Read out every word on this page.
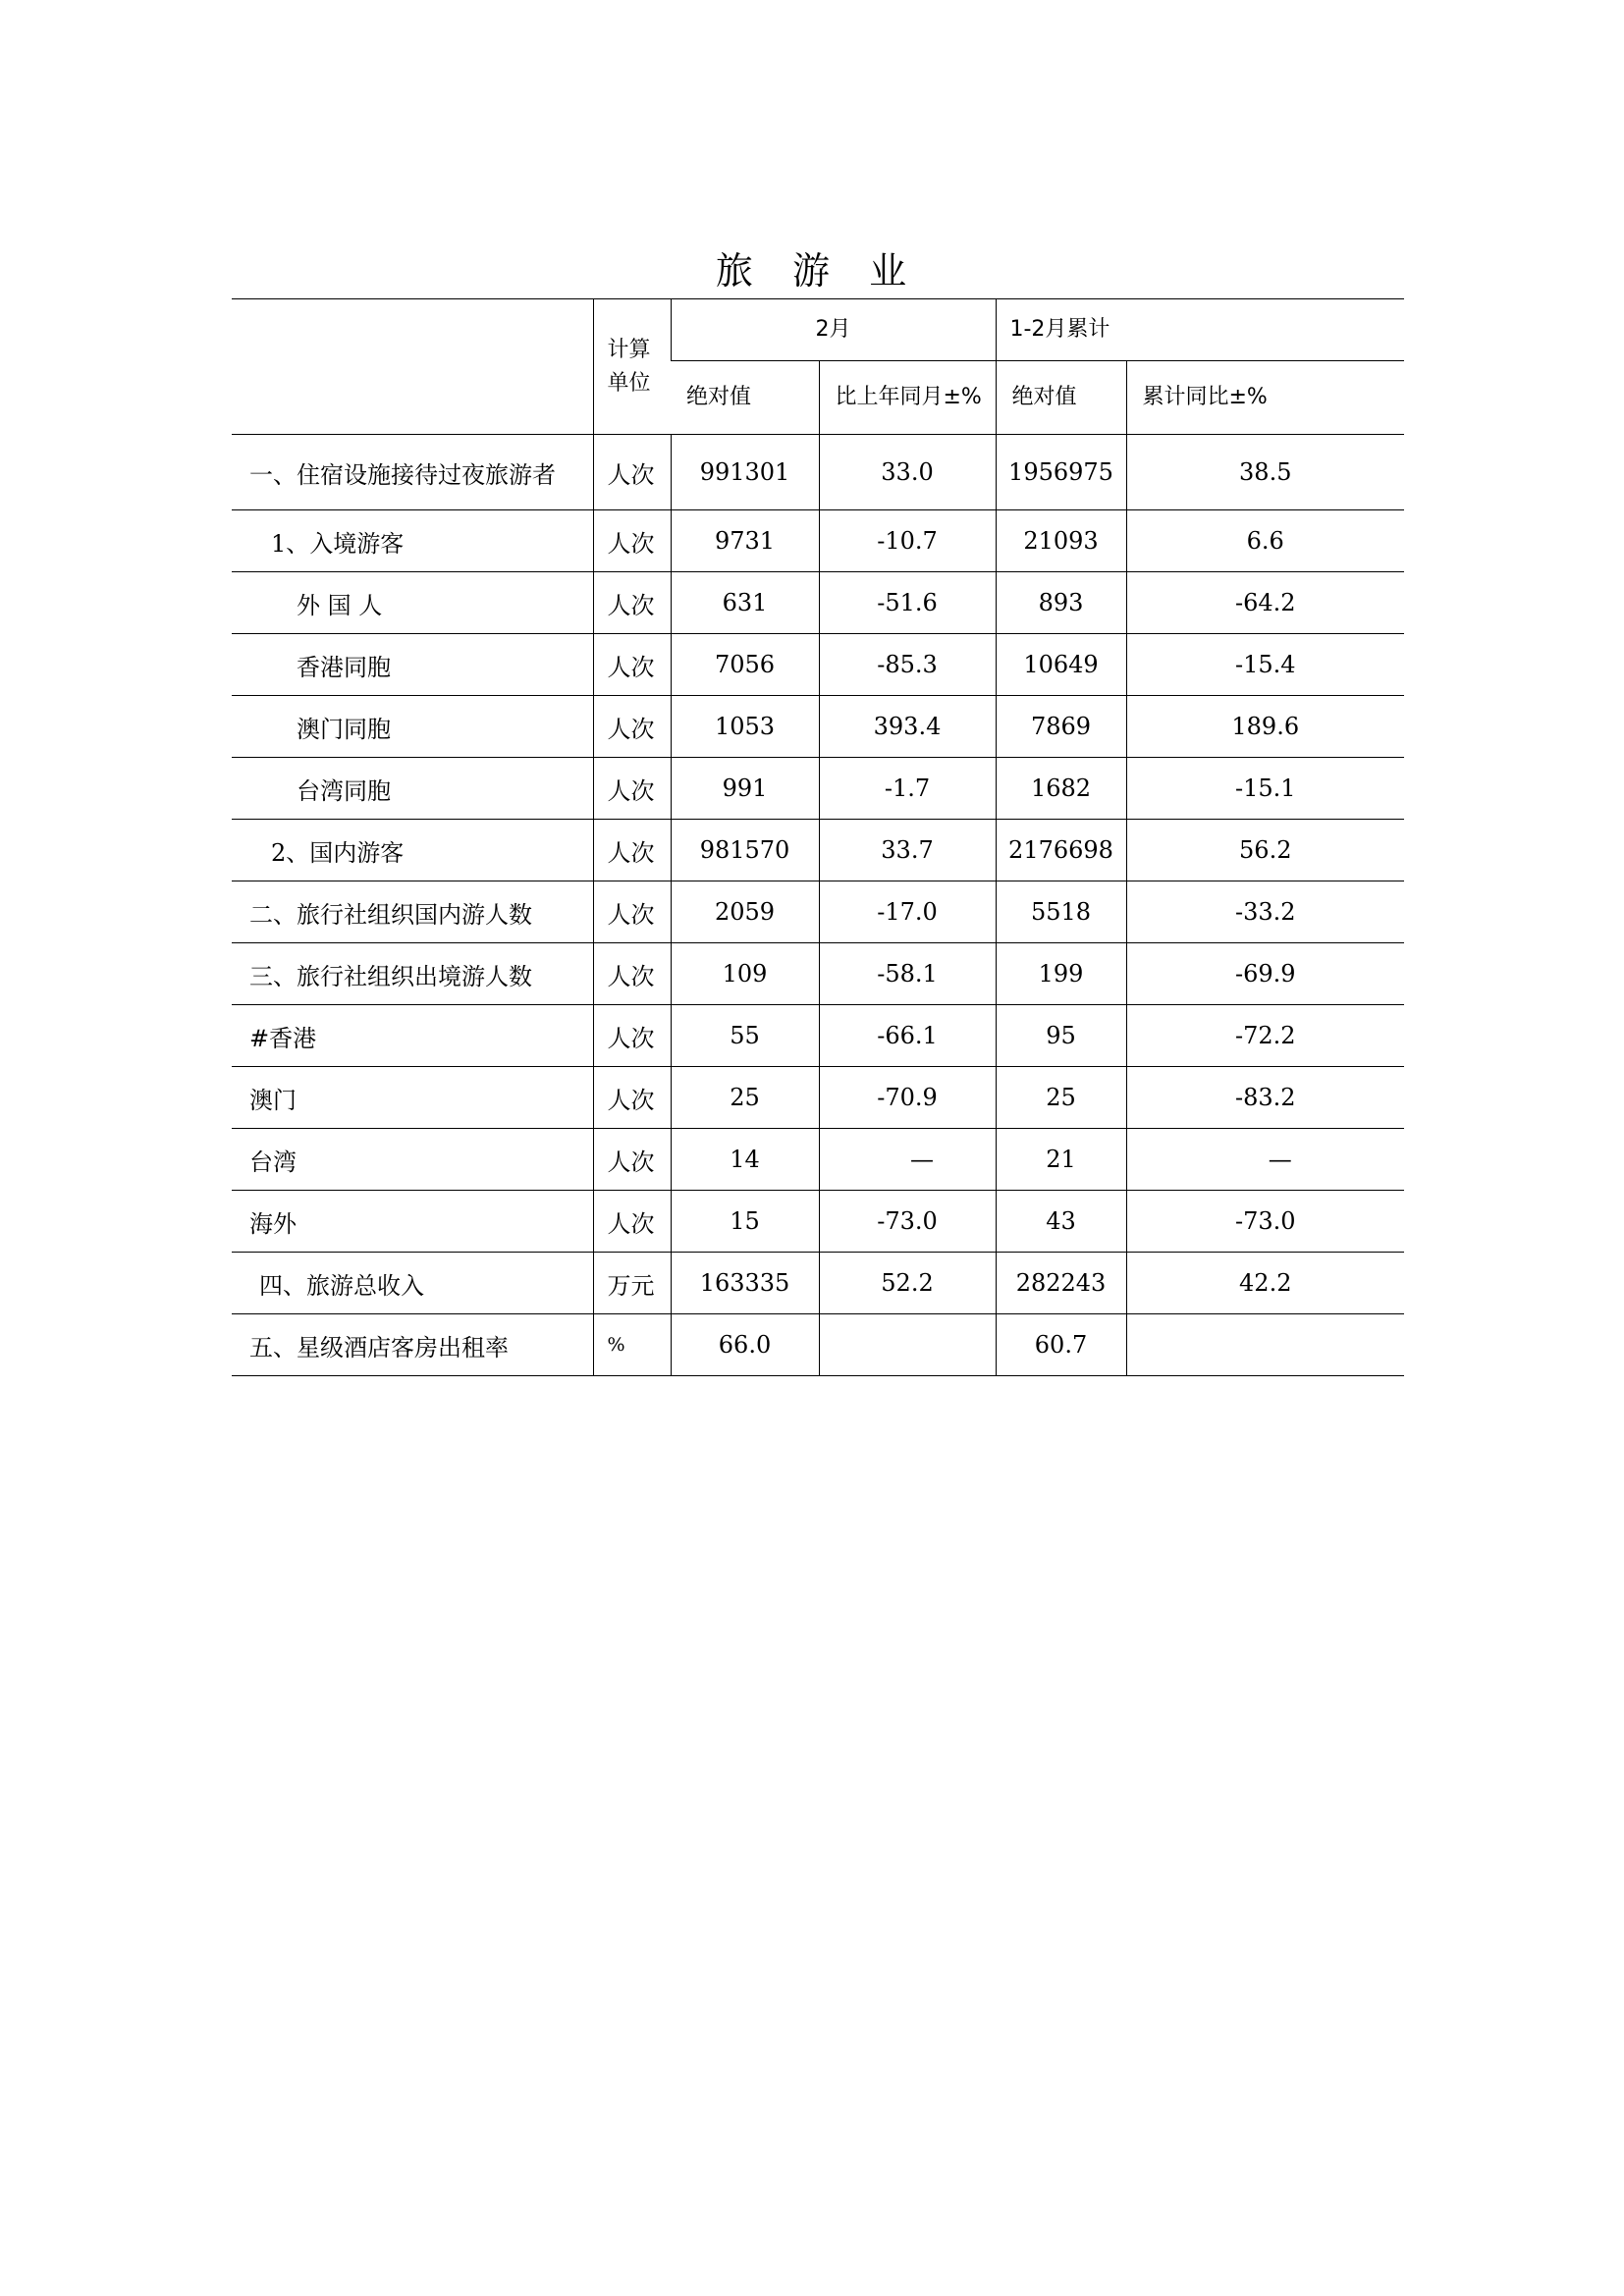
旅 游 业
	计算单位	2月		1-2月累计	
		绝对值	比上年同月±%	绝对值	累计同比±%
一、住宿设施接待过夜旅游者	人次	991301	33.0	1956975	38.5
1、入境游客	人次	9731	-10.7	21093	6.6
外 国 人	人次	631	-51.6	893	-64.2
香港同胞	人次	7056	-85.3	10649	-15.4
澳门同胞	人次	1053	393.4	7869	189.6
台湾同胞	人次	991	-1.7	1682	-15.1
2、国内游客	人次	981570	33.7	2176698	56.2
二、旅行社组织国内游人数	人次	2059	-17.0	5518	-33.2
三、旅行社组织出境游人数	人次	109	-58.1	199	-69.9
#香港	人次	55	-66.1	95	-72.2
澳门	人次	25	-70.9	25	-83.2
台湾	人次	14	—	21	—
海外	人次	15	-73.0	43	-73.0
四、旅游总收入	万元	163335	52.2	282243	42.2
五、星级酒店客房出租率	%	66.0		60.7	
